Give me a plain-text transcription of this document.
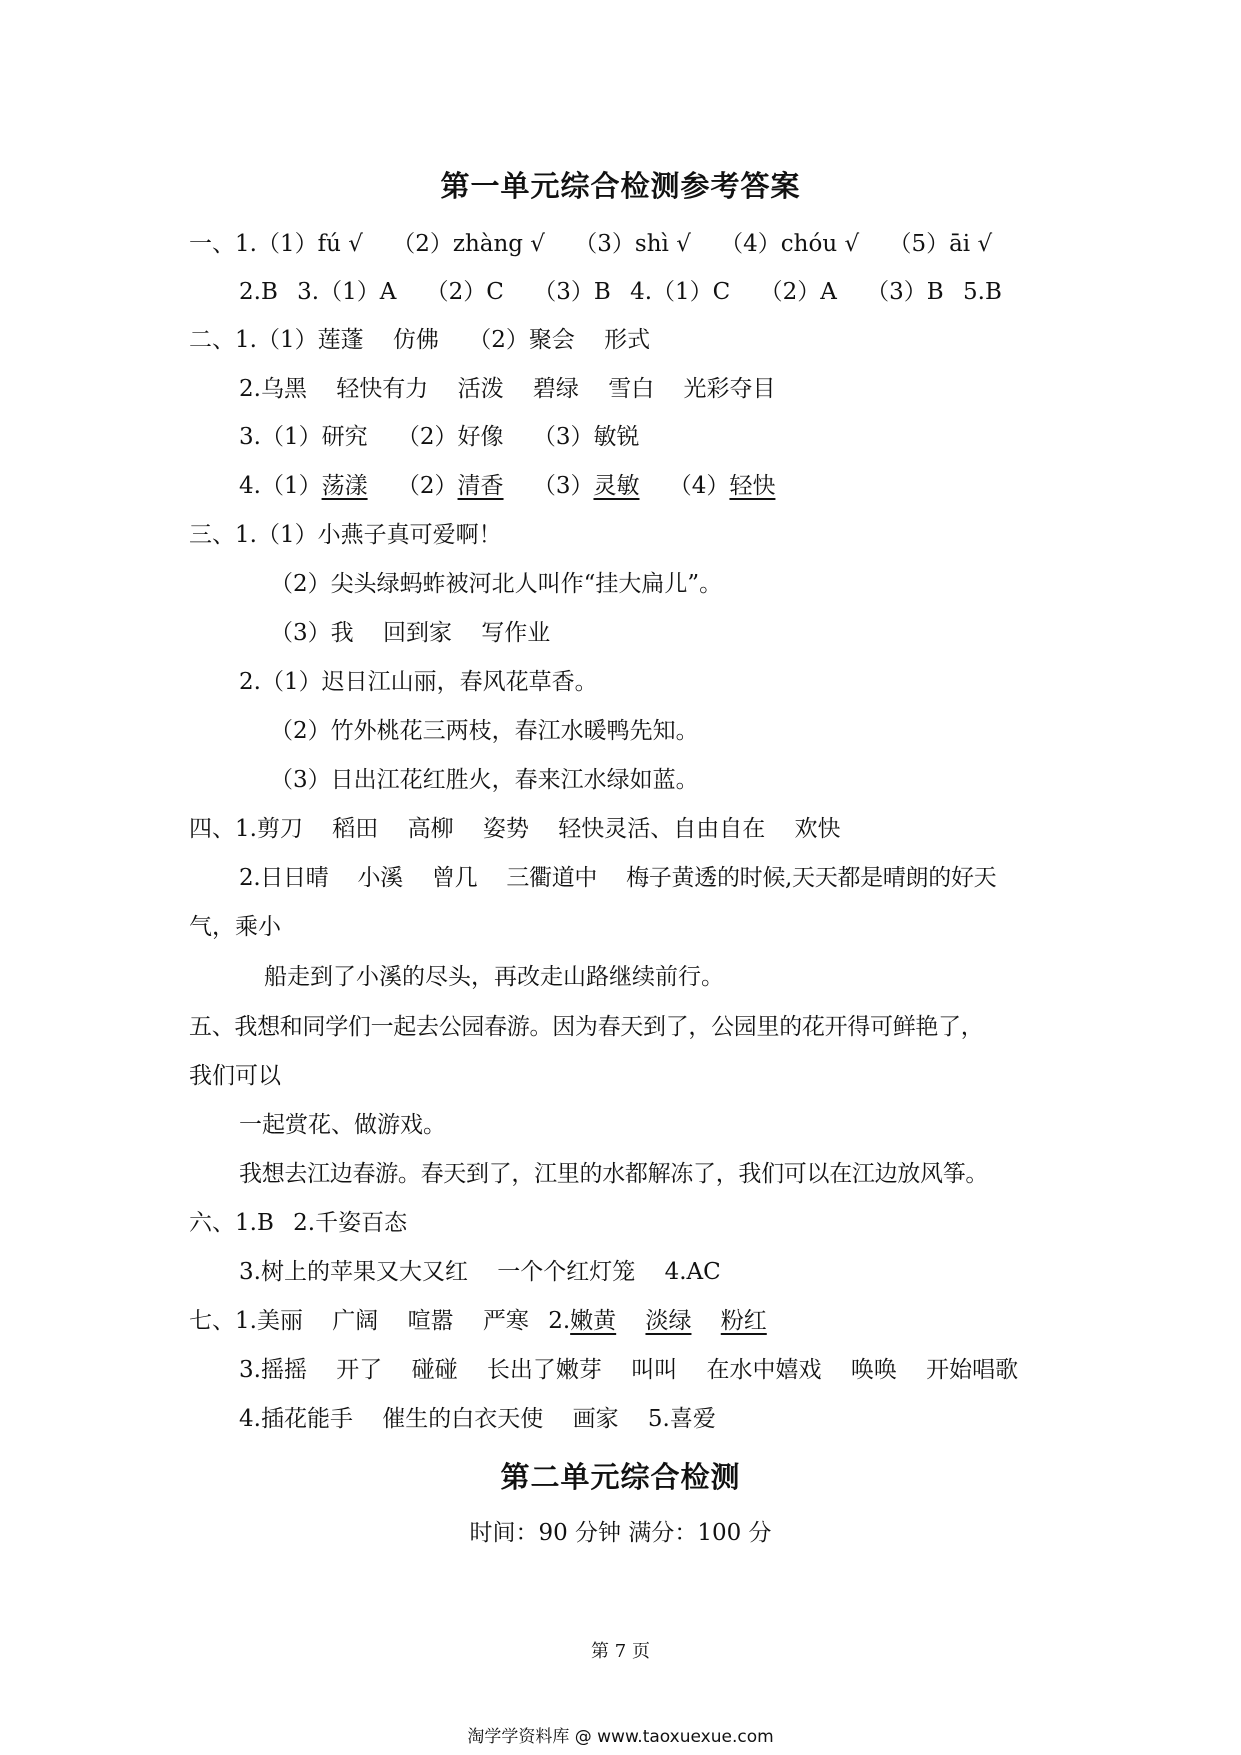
第一单元综合检测参考答案
一、1.（1）fú √ （2）zhàng √ （3）shì √ （4）chóu √ （5）āi √
2.B 3.（1）A （2）C （3）B 4.（1）C （2）A （3）B 5.B
二、1.（1）莲蓬 仿佛 （2）聚会 形式
2.乌黑 轻快有力 活泼 碧绿 雪白 光彩夺目
3.（1）研究 （2）好像 （3）敏锐
4.（1）荡漾 （2）清香 （3）灵敏 （4）轻快
三、1.（1）小燕子真可爱啊！
（2）尖头绿蚂蚱被河北人叫作“挂大扁儿”。
（3）我 回到家 写作业
2.（1）迟日江山丽，春风花草香。
（2）竹外桃花三两枝，春江水暖鸭先知。
（3）日出江花红胜火，春来江水绿如蓝。
四、1.剪刀 稻田 高柳 姿势 轻快灵活、自由自在 欢快
2.日日晴 小溪 曾几 三衢道中 梅子黄透的时候,天天都是晴朗的好天
气，乘小
船走到了小溪的尽头，再改走山路继续前行。
五、我想和同学们一起去公园春游。因为春天到了，公园里的花开得可鲜艳了，
我们可以
一起赏花、做游戏。
我想去江边春游。春天到了，江里的水都解冻了，我们可以在江边放风筝。
六、1.B 2.千姿百态
3.树上的苹果又大又红 一个个红灯笼 4.AC
七、1.美丽 广阔 喧嚣 严寒 2.嫩黄 淡绿 粉红
3.摇摇 开了 碰碰 长出了嫩芽 叫叫 在水中嬉戏 唤唤 开始唱歌
4.插花能手 催生的白衣天使 画家 5.喜爱
第二单元综合检测
时间：90 分钟 满分：100 分
第 7 页
淘学学资料库 @ www.taoxuexue.com
